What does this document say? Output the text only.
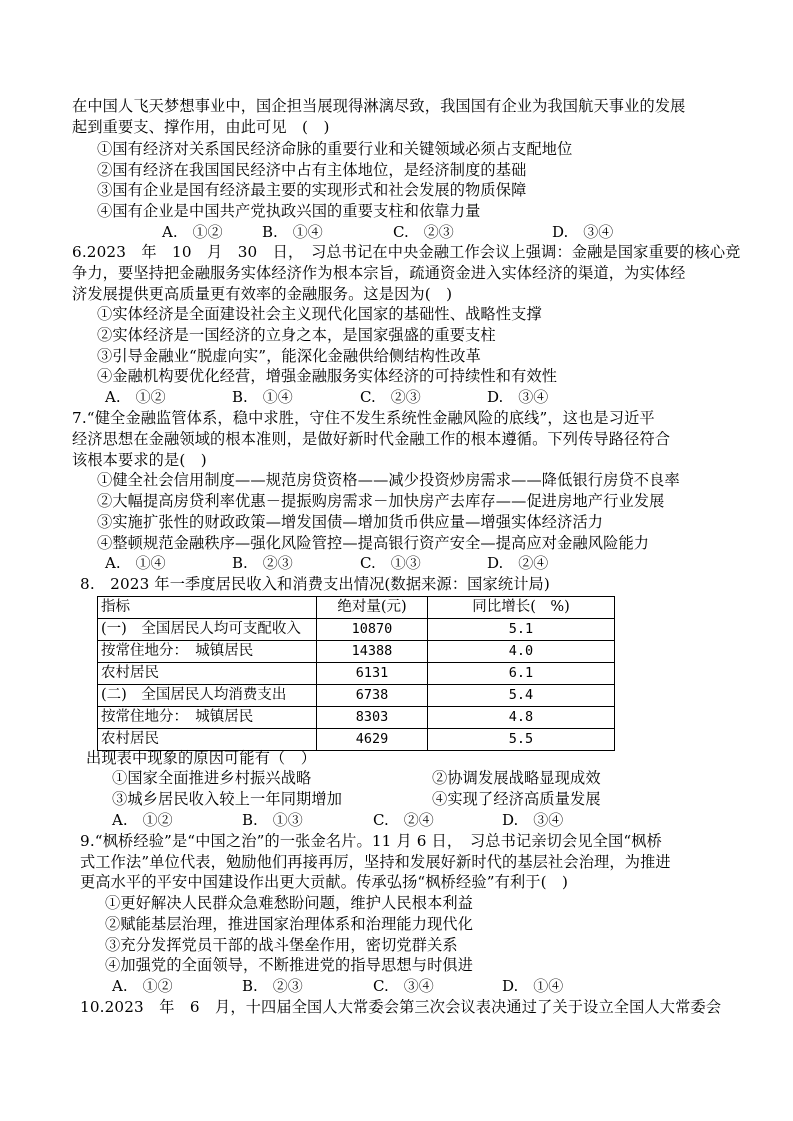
在中国人飞天梦想事业中，国企担当展现得淋漓尽致，我国国有企业为我国航天事业的发展
起到重要支、撑作用，由此可见　(　)
①国有经济对关系国民经济命脉的重要行业和关键领域必须占支配地位
②国有经济在我国国民经济中占有主体地位，是经济制度的基础
③国有企业是国有经济最主要的实现形式和社会发展的物质保障
④国有企业是中国共产党执政兴国的重要支柱和依靠力量
A.　①②	B.　①④	C.　②③	D.　③④
6.2023　年　10　月　30　日，　习总书记在中央金融工作会议上强调：金融是国家重要的核心竞
争力，要坚持把金融服务实体经济作为根本宗旨，疏通资金进入实体经济的渠道，为实体经
济发展提供更高质量更有效率的金融服务。这是因为(　)
①实体经济是全面建设社会主义现代化国家的基础性、战略性支撑
②实体经济是一国经济的立身之本，是国家强盛的重要支柱
③引导金融业“脱虚向实”，能深化金融供给侧结构性改革
④金融机构要优化经营，增强金融服务实体经济的可持续性和有效性
A.　①②	B.　①④	C.　②③	D.　③④
7.“健全金融监管体系，稳中求胜，守住不发生系统性金融风险的底线”，这也是习近平
经济思想在金融领域的根本准则，是做好新时代金融工作的根本遵循。下列传导路径符合
该根本要求的是(　)
①健全社会信用制度——规范房贷资格——减少投资炒房需求——降低银行房贷不良率
②大幅提高房贷利率优惠－提振购房需求－加快房产去库存——促进房地产行业发展
③实施扩张性的财政政策—增发国债—增加货币供应量—增强实体经济活力
④整顿规范金融秩序—强化风险管控—提高银行资产安全—提高应对金融风险能力
A.　①④	B.　②③	C.　①③	D.　②④
8.　2023 年一季度居民收入和消费支出情况(数据来源：国家统计局)
指标	绝对量(元)	同比增长(　%)
(一)　全国居民人均可支配收入	10870	5.1
按常住地分：　城镇居民	14388	4.0
农村居民	6131	6.1
(二)　全国居民人均消费支出	6738	5.4
按常住地分：　城镇居民	8303	4.8
农村居民	4629	5.5
出现表中现象的原因可能有（　）
①国家全面推进乡村振兴战略	②协调发展战略显现成效
③城乡居民收入较上一年同期增加	④实现了经济高质量发展
A.　①②	B.　①③	C.　②④	D.　③④
9.“枫桥经验”是“中国之治”的一张金名片。11 月 6 日，　习总书记亲切会见全国“枫桥
式工作法”单位代表，勉励他们再接再厉，坚持和发展好新时代的基层社会治理，为推进
更高水平的平安中国建设作出更大贡献。传承弘扬“枫桥经验”有利于(　)
①更好解决人民群众急难愁盼问题，维护人民根本利益
②赋能基层治理，推进国家治理体系和治理能力现代化
③充分发挥党员干部的战斗堡垒作用，密切党群关系
④加强党的全面领导，不断推进党的指导思想与时俱进
A.　①②	B.　②③	C.　③④	D.　①④
10.2023　年　6　月，十四届全国人大常委会第三次会议表决通过了关于设立全国人大常委会
